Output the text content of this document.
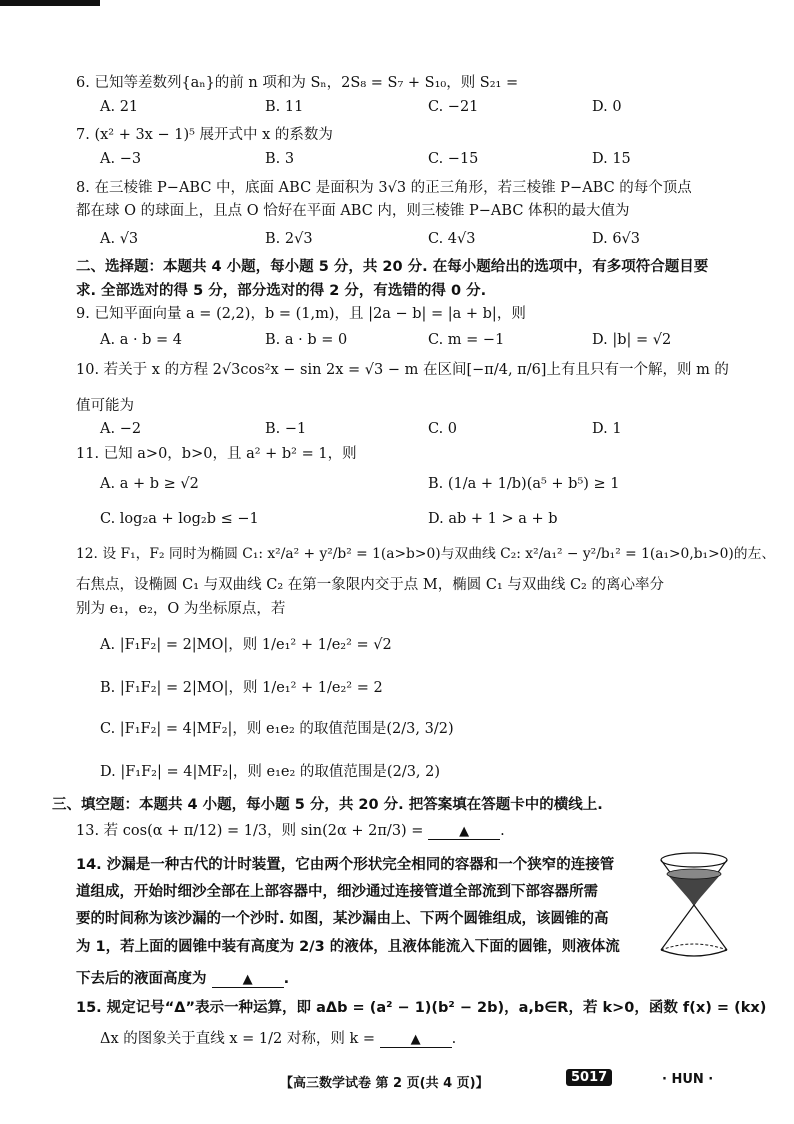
6. 已知等差数列{aₙ}的前 n 项和为 Sₙ，2S₈ = S₇ + S₁₀，则 S₂₁ =
A. 21	B. 11	C. −21	D. 0
7. (x² + 3x − 1)⁵ 展开式中 x 的系数为
A. −3	B. 3	C. −15	D. 15
8. 在三棱锥 P−ABC 中，底面 ABC 是面积为 3√3 的正三角形，若三棱锥 P−ABC 的每个顶点
都在球 O 的球面上，且点 O 恰好在平面 ABC 内，则三棱锥 P−ABC 体积的最大值为
A. √3	B. 2√3	C. 4√3	D. 6√3
二、选择题：本题共 4 小题，每小题 5 分，共 20 分. 在每小题给出的选项中，有多项符合题目要
求. 全部选对的得 5 分，部分选对的得 2 分，有选错的得 0 分.
9. 已知平面向量 a = (2,2)，b = (1,m)，且 |2a − b| = |a + b|，则
A. a · b = 4	B. a · b = 0	C. m = −1	D. |b| = √2
10. 若关于 x 的方程 2√3cos²x − sin 2x = √3 − m 在区间[−π/4, π/6]上有且只有一个解，则 m 的
值可能为
A. −2	B. −1	C. 0	D. 1
11. 已知 a>0，b>0，且 a² + b² = 1，则
A. a + b ≥ √2	B. (1/a + 1/b)(a⁵ + b⁵) ≥ 1
C. log₂a + log₂b ≤ −1	D. ab + 1 > a + b
12. 设 F₁，F₂ 同时为椭圆 C₁: x²/a² + y²/b² = 1(a>b>0)与双曲线 C₂: x²/a₁² − y²/b₁² = 1(a₁>0,b₁>0)的左、
右焦点，设椭圆 C₁ 与双曲线 C₂ 在第一象限内交于点 M，椭圆 C₁ 与双曲线 C₂ 的离心率分
别为 e₁，e₂，O 为坐标原点，若
A. |F₁F₂| = 2|MO|，则 1/e₁² + 1/e₂² = √2
B. |F₁F₂| = 2|MO|，则 1/e₁² + 1/e₂² = 2
C. |F₁F₂| = 4|MF₂|，则 e₁e₂ 的取值范围是(2/3, 3/2)
D. |F₁F₂| = 4|MF₂|，则 e₁e₂ 的取值范围是(2/3, 2)
三、填空题：本题共 4 小题，每小题 5 分，共 20 分. 把答案填在答题卡中的横线上.
13. 若 cos(α + π/12) = 1/3，则 sin(2α + 2π/3) =	▲ .
14. 沙漏是一种古代的计时装置，它由两个形状完全相同的容器和一个狭窄的连接管
道组成，开始时细沙全部在上部容器中，细沙通过连接管道全部流到下部容器所需
要的时间称为该沙漏的一个沙时. 如图，某沙漏由上、下两个圆锥组成，该圆锥的高
为 1，若上面的圆锥中装有高度为 2/3 的液体，且液体能流入下面的圆锥，则液体流
下去后的液面高度为	▲ .
15. 规定记号“Δ”表示一种运算，即 aΔb = (a² − 1)(b² − 2b)，a,b∈R，若 k>0，函数 f(x) = (kx)
Δx 的图象关于直线 x = 1/2 对称，则 k =	▲ .
【高三数学试卷 第 2 页(共 4 页)】	5017	· HUN ·
